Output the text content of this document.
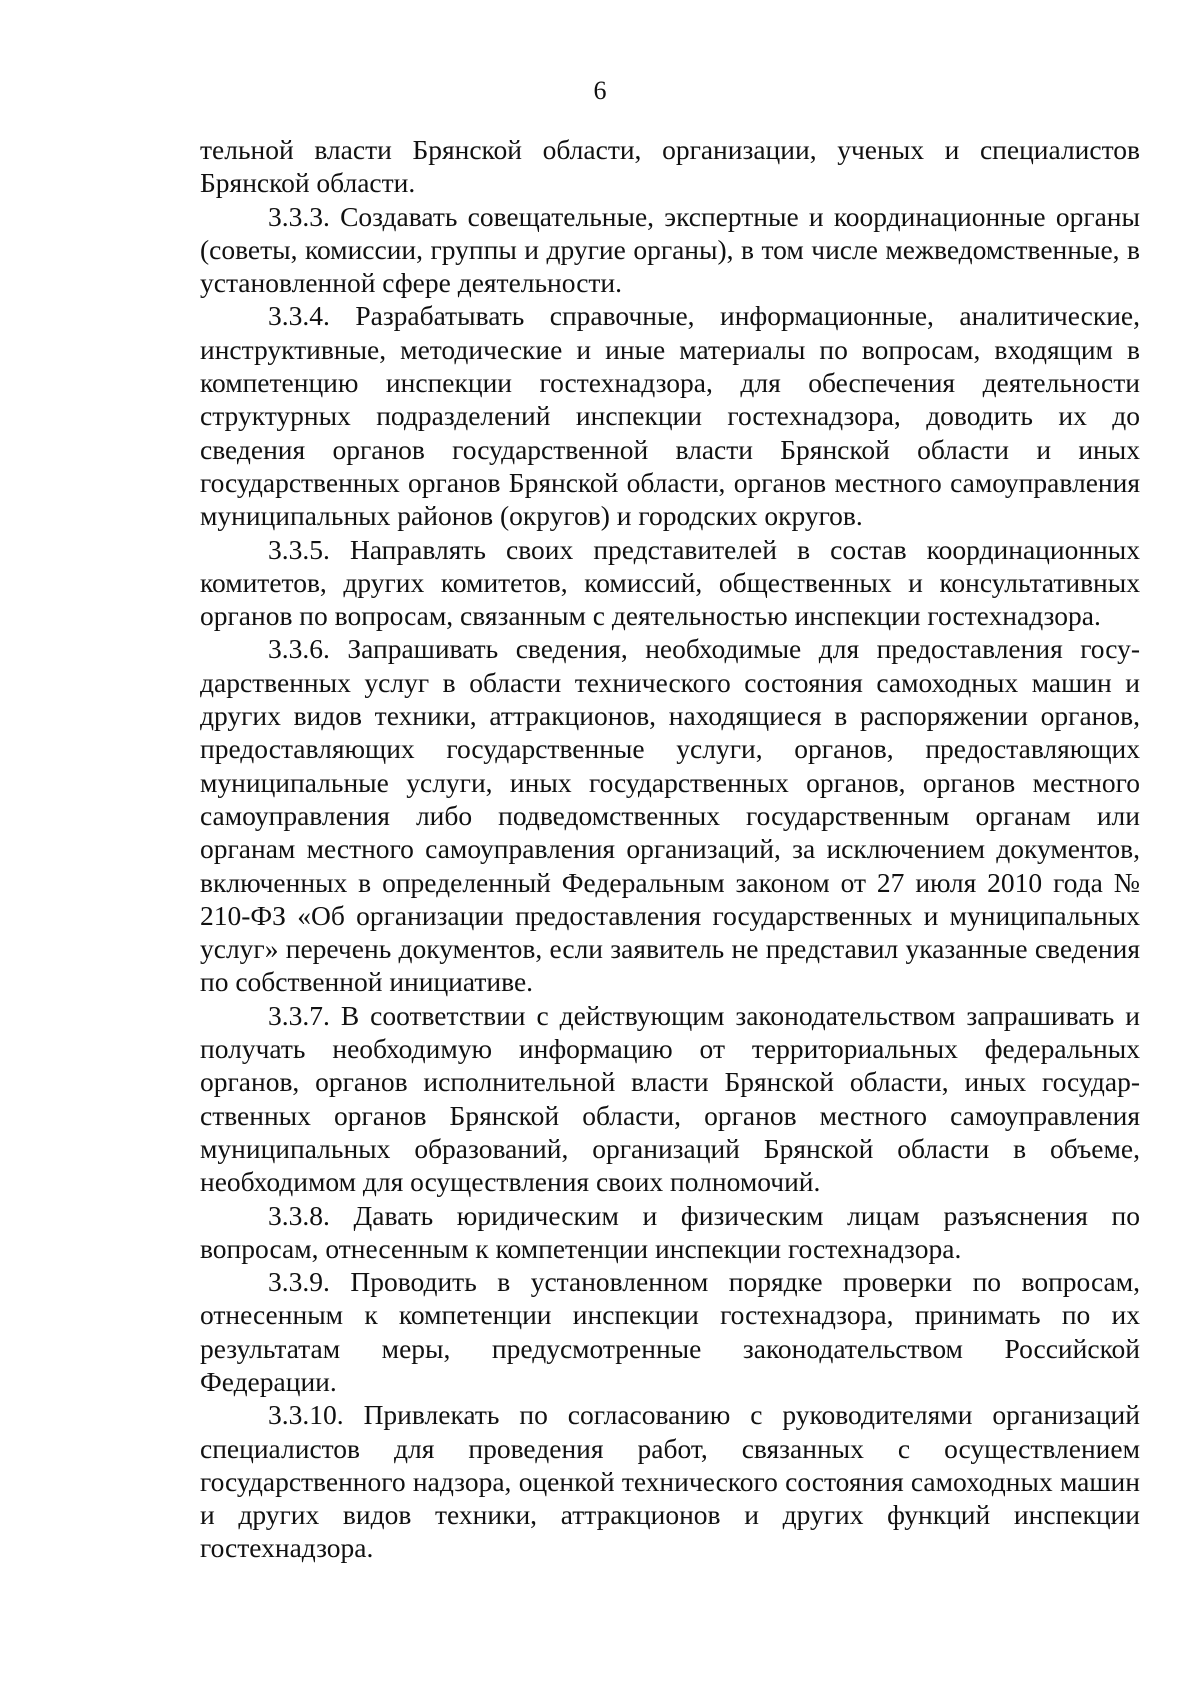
6

тельной власти Брянской области, организации, ученых и специалистов Брянской области.

3.3.3. Создавать совещательные, экспертные и координационные органы (советы, комиссии, группы и другие органы), в том числе межведомственные, в установленной сфере деятельности.

3.3.4. Разрабатывать справочные, информационные, аналитические, инструктивные, методические и иные материалы по вопросам, входящим в компетенцию инспекции гостехнадзора, для обеспечения деятельности структурных подразделений инспекции гостехнадзора, доводить их до сведения органов государственной власти Брянской области и иных государственных органов Брянской области, органов местного самоуправления муниципальных районов (округов) и городских округов.

3.3.5. Направлять своих представителей в состав координационных комитетов, других комитетов, комиссий, общественных и консультативных органов по вопросам, связанным с деятельностью инспекции гостехнадзора.

3.3.6. Запрашивать сведения, необходимые для предоставления государственных услуг в области технического состояния самоходных машин и других видов техники, аттракционов, находящиеся в распоряжении органов, предоставляющих государственные услуги, органов, предоставляющих муниципальные услуги, иных государственных органов, органов местного самоуправления либо подведомственных государственным органам или органам местного самоуправления организаций, за исключением документов, включенных в определенный Федеральным законом от 27 июля 2010 года № 210-ФЗ «Об организации предоставления государственных и муниципальных услуг» перечень документов, если заявитель не представил указанные сведения по собственной инициативе.

3.3.7. В соответствии с действующим законодательством запрашивать и получать необходимую информацию от территориальных федеральных органов, органов исполнительной власти Брянской области, иных государственных органов Брянской области, органов местного самоуправления муниципальных образований, организаций Брянской области в объеме, необходимом для осуществления своих полномочий.

3.3.8. Давать юридическим и физическим лицам разъяснения по вопросам, отнесенным к компетенции инспекции гостехнадзора.

3.3.9. Проводить в установленном порядке проверки по вопросам, отнесенным к компетенции инспекции гостехнадзора, принимать по их результатам меры, предусмотренные законодательством Российской Федерации.

3.3.10. Привлекать по согласованию с руководителями организаций специалистов для проведения работ, связанных с осуществлением государственного надзора, оценкой технического состояния самоходных машин и других видов техники, аттракционов и других функций инспекции гостехнадзора.
